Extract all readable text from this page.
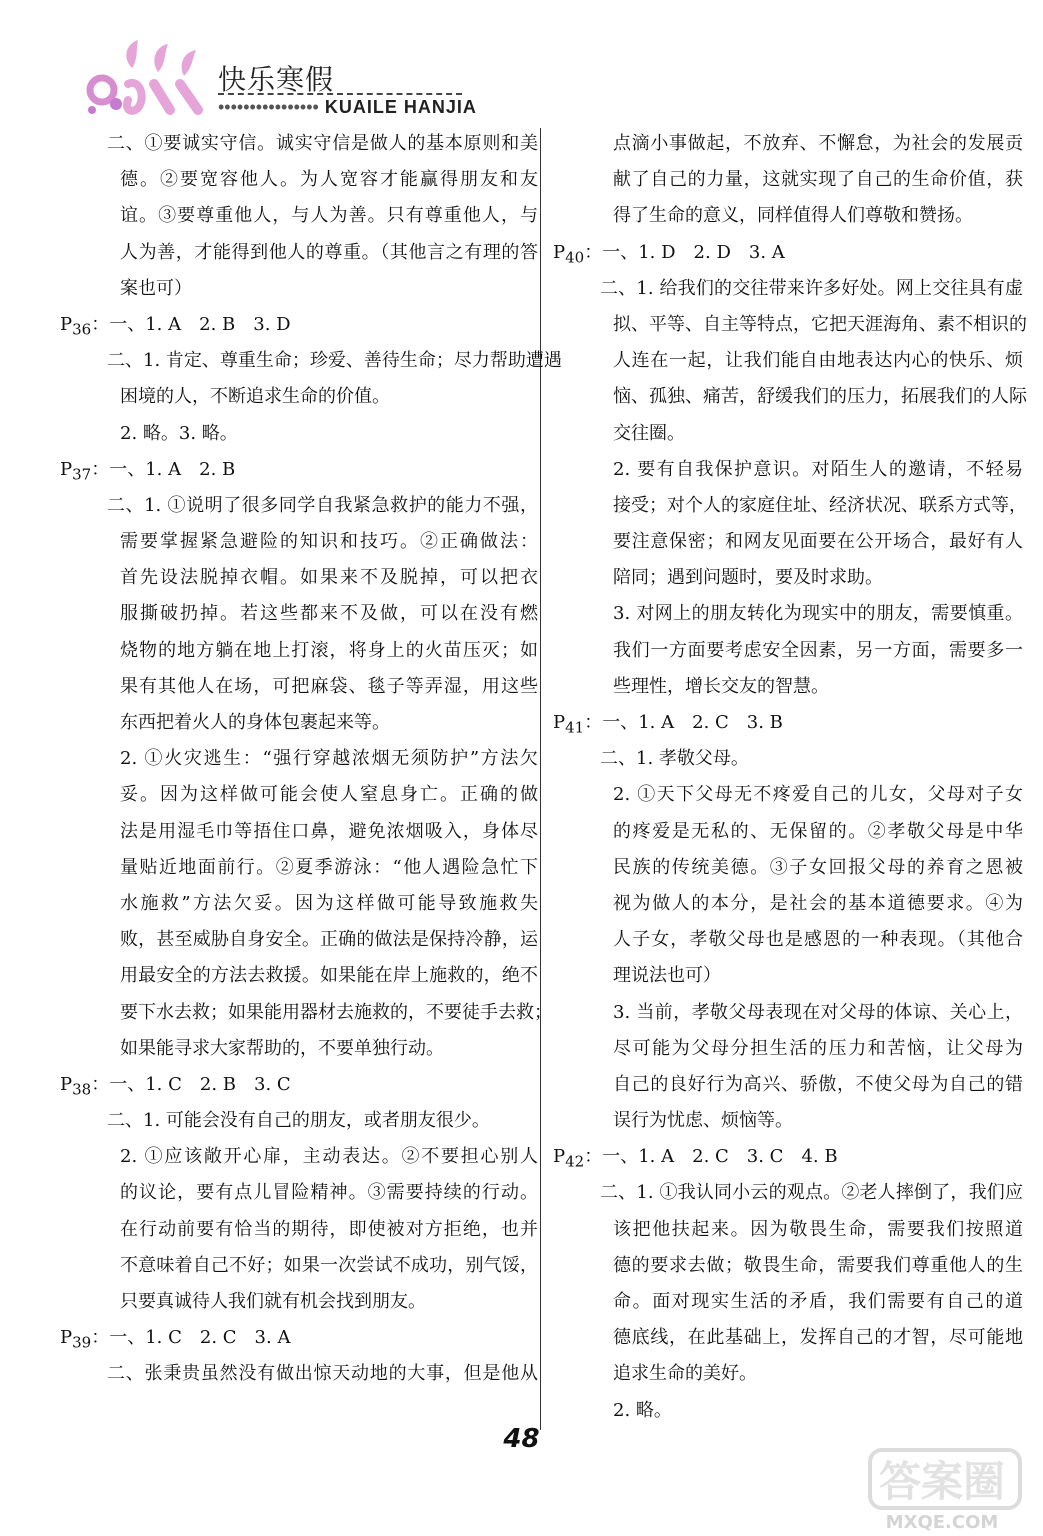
快乐寒假
•••••••••••••••• KUAILE HANJIA
二、①要诚实守信。诚实守信是做人的基本原则和美
德。②要宽容他人。为人宽容才能赢得朋友和友
谊。③要尊重他人，与人为善。只有尊重他人，与
人为善，才能得到他人的尊重。（其他言之有理的答
案也可）
$P_{36}$：一、1. A　2. B　3. D
二、1. 肯定、尊重生命；珍爱、善待生命；尽力帮助遭遇
困境的人，不断追求生命的价值。
2. 略。3. 略。
$P_{37}$：一、1. A　2. B
二、1. ①说明了很多同学自我紧急救护的能力不强，
需要掌握紧急避险的知识和技巧。②正确做法：
首先设法脱掉衣帽。如果来不及脱掉，可以把衣
服撕破扔掉。若这些都来不及做，可以在没有燃
烧物的地方躺在地上打滚，将身上的火苗压灭；如
果有其他人在场，可把麻袋、毯子等弄湿，用这些
东西把着火人的身体包裹起来等。
2. ①火灾逃生：“强行穿越浓烟无须防护”方法欠
妥。因为这样做可能会使人窒息身亡。正确的做
法是用湿毛巾等捂住口鼻，避免浓烟吸入，身体尽
量贴近地面前行。②夏季游泳：“他人遇险急忙下
水施救”方法欠妥。因为这样做可能导致施救失
败，甚至威胁自身安全。正确的做法是保持冷静，运
用最安全的方法去救援。如果能在岸上施救的，绝不
要下水去救；如果能用器材去施救的，不要徒手去救；
如果能寻求大家帮助的，不要单独行动。
$P_{38}$：一、1. C　2. B　3. C
二、1. 可能会没有自己的朋友，或者朋友很少。
2. ①应该敞开心扉，主动表达。②不要担心别人
的议论，要有点儿冒险精神。③需要持续的行动。
在行动前要有恰当的期待，即使被对方拒绝，也并
不意味着自己不好；如果一次尝试不成功，别气馁，
只要真诚待人我们就有机会找到朋友。
$P_{39}$：一、1. C　2. C　3. A
二、张秉贵虽然没有做出惊天动地的大事，但是他从
点滴小事做起，不放弃、不懈怠，为社会的发展贡
献了自己的力量，这就实现了自己的生命价值，获
得了生命的意义，同样值得人们尊敬和赞扬。
$P_{40}$：一、1. D　2. D　3. A
二、1. 给我们的交往带来许多好处。网上交往具有虚
拟、平等、自主等特点，它把天涯海角、素不相识的
人连在一起，让我们能自由地表达内心的快乐、烦
恼、孤独、痛苦，舒缓我们的压力，拓展我们的人际
交往圈。
2. 要有自我保护意识。对陌生人的邀请，不轻易
接受；对个人的家庭住址、经济状况、联系方式等，
要注意保密；和网友见面要在公开场合，最好有人
陪同；遇到问题时，要及时求助。
3. 对网上的朋友转化为现实中的朋友，需要慎重。
我们一方面要考虑安全因素，另一方面，需要多一
些理性，增长交友的智慧。
$P_{41}$：一、1. A　2. C　3. B
二、1. 孝敬父母。
2. ①天下父母无不疼爱自己的儿女，父母对子女
的疼爱是无私的、无保留的。②孝敬父母是中华
民族的传统美德。③子女回报父母的养育之恩被
视为做人的本分，是社会的基本道德要求。④为
人子女，孝敬父母也是感恩的一种表现。（其他合
理说法也可）
3. 当前，孝敬父母表现在对父母的体谅、关心上，
尽可能为父母分担生活的压力和苦恼，让父母为
自己的良好行为高兴、骄傲，不使父母为自己的错
误行为忧虑、烦恼等。
$P_{42}$：一、1. A　2. C　3. C　4. B
二、1. ①我认同小云的观点。②老人摔倒了，我们应
该把他扶起来。因为敬畏生命，需要我们按照道
德的要求去做；敬畏生命，需要我们尊重他人的生
命。面对现实生活的矛盾，我们需要有自己的道
德底线，在此基础上，发挥自己的才智，尽可能地
追求生命的美好。
2. 略。
48
答案圈
MXQE.COM
